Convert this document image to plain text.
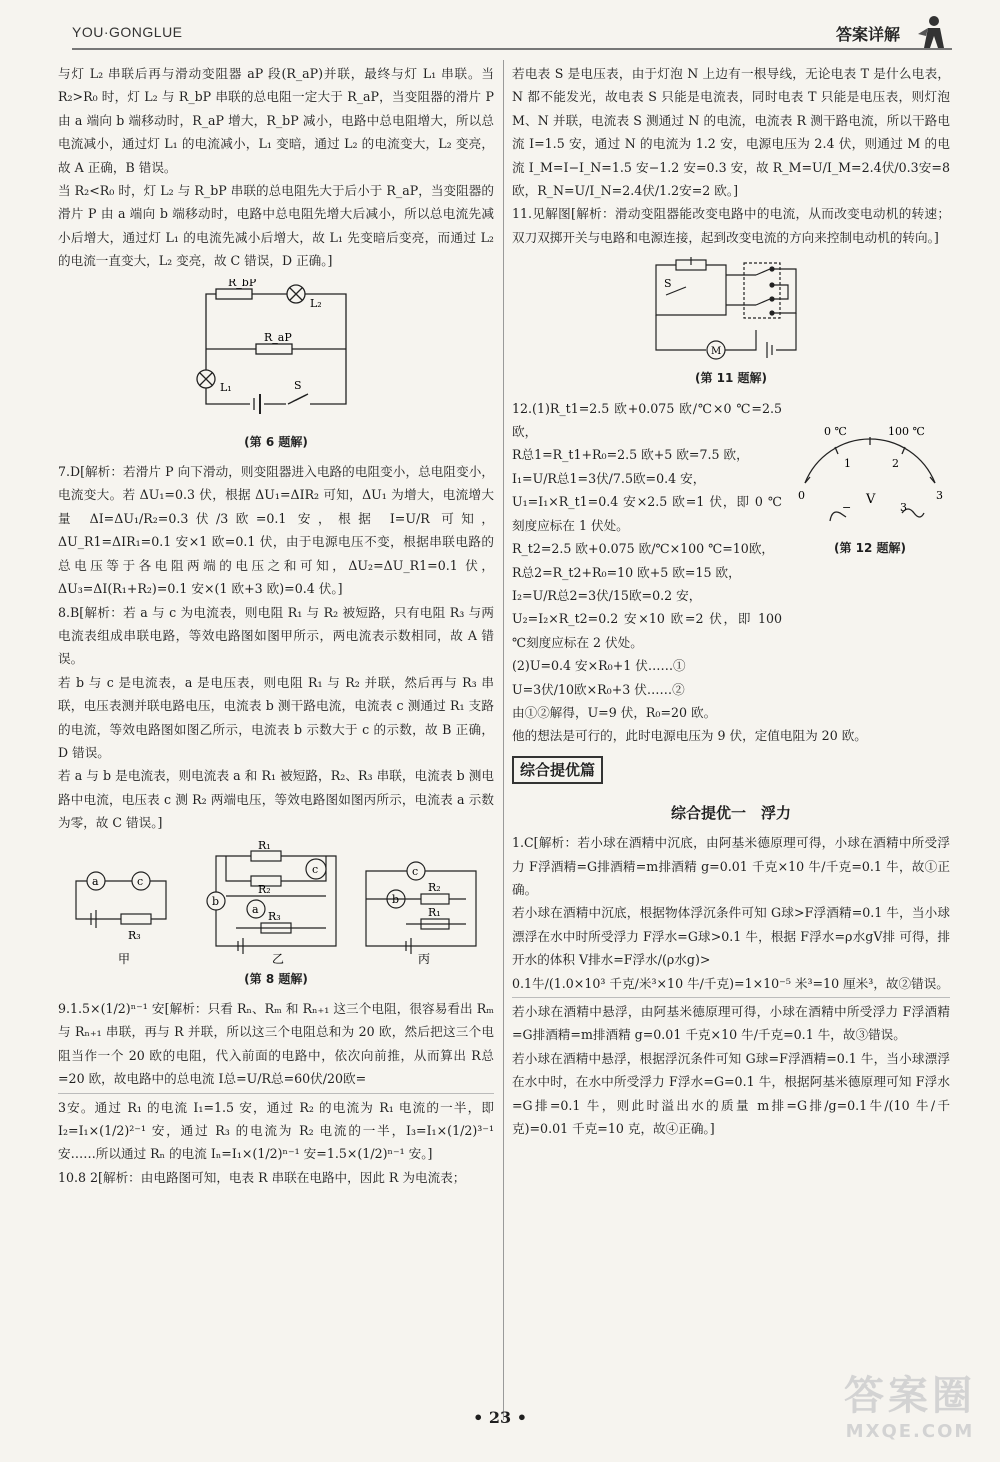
YOU·GONGLUE	答案详解

与灯 L₂ 串联后再与滑动变阻器 aP 段(R_aP)并联，最终与灯 L₁ 串联。当 R₂>R₀ 时，灯 L₂ 与 R_bP 串联的总电阻一定大于 R_aP，当变阻器的滑片 P 由 a 端向 b 端移动时，R_aP 增大，R_bP 减小，电路中总电阻增大，所以总电流减小，通过灯 L₁ 的电流减小，L₁ 变暗，通过 L₂ 的电流变大，L₂ 变亮，故 A 正确，B 错误。

当 R₂<R₀ 时，灯 L₂ 与 R_bP 串联的总电阻先大于后小于 R_aP，当变阻器的滑片 P 由 a 端向 b 端移动时，电路中总电阻先增大后减小，所以总电流先减小后增大，通过灯 L₁ 的电流先减小后增大，故 L₁ 先变暗后变亮，而通过 L₂ 的电流一直变大，L₂ 变亮，故 C 错误，D 正确。]

R_bP
L₂
R_aP
L₁	S
(第 6 题解)

7.D[解析：若滑片 P 向下滑动，则变阻器进入电路的电阻变小，总电阻变小，电流变大。若 ΔU₁=0.3 伏，根据 ΔU₁=ΔIR₂ 可知，ΔU₁ 为增大，电流增大量 ΔI=ΔU₁/R₂=0.3伏/3欧=0.1 安，根据 I=U/R 可知，ΔU_R1=ΔIR₁=0.1 安×1 欧=0.1 伏，由于电源电压不变，根据串联电路的总电压等于各电阻两端的电压之和可知，ΔU₂=ΔU_R1=0.1 伏，ΔU₃=ΔI(R₁+R₂)=0.1 安×(1 欧+3 欧)=0.4 伏。]

8.B[解析：若 a 与 c 为电流表，则电阻 R₁ 与 R₂ 被短路，只有电阻 R₃ 与两电流表组成串联电路，等效电路图如图甲所示，两电流表示数相同，故 A 错误。

若 b 与 c 是电流表，a 是电压表，则电阻 R₁ 与 R₂ 并联，然后再与 R₃ 串联，电压表测并联电路电压，电流表 b 测干路电流，电流表 c 测通过 R₁ 支路的电流，等效电路图如图乙所示，电流表 b 示数大于 c 的示数，故 B 正确，D 错误。

若 a 与 b 是电流表，则电流表 a 和 R₁ 被短路，R₂、R₃ 串联，电流表 b 测电路中电流，电压表 c 测 R₂ 两端电压，等效电路图如图丙所示，电流表 a 示数为零，故 C 错误。]

a	c
R₃
甲
R₁
R₂
c
b
a
R₃
乙
c
b
R₂
R₁
丙
(第 8 题解)

9.1.5×(1/2)ⁿ⁻¹ 安[解析：只看 Rₙ、Rₘ 和 Rₙ₊₁ 这三个电阻，很容易看出 Rₘ 与 Rₙ₊₁ 串联，再与 R 并联，所以这三个电阻总和为 20 欧，然后把这三个电阻当作一个 20 欧的电阻，代入前面的电路中，依次向前推，从而算出 R总=20 欧，故电路中的总电流 I总=U/R总=60伏/20欧=

3安。通过 R₁ 的电流 I₁=1.5 安，通过 R₂ 的电流为 R₁ 电流的一半，即 I₂=I₁×(1/2)²⁻¹ 安，通过 R₃ 的电流为 R₂ 电流的一半，I₃=I₁×(1/2)³⁻¹ 安……所以通过 Rₙ 的电流 Iₙ=I₁×(1/2)ⁿ⁻¹ 安=1.5×(1/2)ⁿ⁻¹ 安。]

10.8 2[解析：由电路图可知，电表 R 串联在电路中，因此 R 为电流表；

若电表 S 是电压表，由于灯泡 N 上边有一根导线，无论电表 T 是什么电表，N 都不能发光，故电表 S 只能是电流表，同时电表 T 只能是电压表，则灯泡 M、N 并联，电流表 S 测通过 N 的电流，电流表 R 测干路电流，所以干路电流 I=1.5 安，通过 N 的电流为 1.2 安，电源电压为 2.4 伏，则通过 M 的电流 I_M=I−I_N=1.5 安−1.2 安=0.3 安，故 R_M=U/I_M=2.4伏/0.3安=8 欧，R_N=U/I_N=2.4伏/1.2安=2 欧。]

11.见解图[解析：滑动变阻器能改变电路中的电流，从而改变电动机的转速；双刀双掷开关与电路和电源连接，起到改变电流的方向来控制电动机的转向。]

S
M
(第 11 题解)

12.(1)R_t1=2.5 欧+0.075 欧/℃×0 ℃=2.5 欧，

R总1=R_t1+R₀=2.5 欧+5 欧=7.5 欧，

I₁=U/R总1=3伏/7.5欧=0.4 安，

U₁=I₁×R_t1=0.4 安×2.5 欧=1 伏，即 0 ℃刻度应标在 1 伏处。

R_t2=2.5 欧+0.075 欧/℃×100 ℃=10欧，

0 ℃	100 ℃
0
1	2
3
V
−	3
(第 12 题解)

R总2=R_t2+R₀=10 欧+5 欧=15 欧，

I₂=U/R总2=3伏/15欧=0.2 安，

U₂=I₂×R_t2=0.2 安×10 欧=2 伏，即 100 ℃刻度应标在 2 伏处。

(2)U=0.4 安×R₀+1 伏……①

U=3伏/10欧×R₀+3 伏……②

由①②解得，U=9 伏，R₀=20 欧。

他的想法是可行的，此时电源电压为 9 伏，定值电阻为 20 欧。

综合提优篇
综合提优一　浮力

1.C[解析：若小球在酒精中沉底，由阿基米德原理可得，小球在酒精中所受浮力 F浮酒精=G排酒精=m排酒精 g=0.01 千克×10 牛/千克=0.1 牛，故①正确。

若小球在酒精中沉底，根据物体浮沉条件可知 G球>F浮酒精=0.1 牛，当小球漂浮在水中时所受浮力 F浮水=G球>0.1 牛，根据 F浮水=ρ水gV排 可得，排开水的体积 V排水=F浮水/(ρ水g)>

0.1牛/(1.0×10³ 千克/米³×10 牛/千克)=1×10⁻⁵ 米³=10 厘米³，故②错误。

若小球在酒精中悬浮，由阿基米德原理可得，小球在酒精中所受浮力 F浮酒精=G排酒精=m排酒精 g=0.01 千克×10 牛/千克=0.1 牛，故③错误。

若小球在酒精中悬浮，根据浮沉条件可知 G球=F浮酒精=0.1 牛，当小球漂浮在水中时，在水中所受浮力 F浮水=G=0.1 牛，根据阿基米德原理可知 F浮水=G排=0.1 牛，则此时溢出水的质量 m排=G排/g=0.1牛/(10 牛/千克)=0.01 千克=10 克，故④正确。]

• 23 •	答案圈
MXQE.COM
